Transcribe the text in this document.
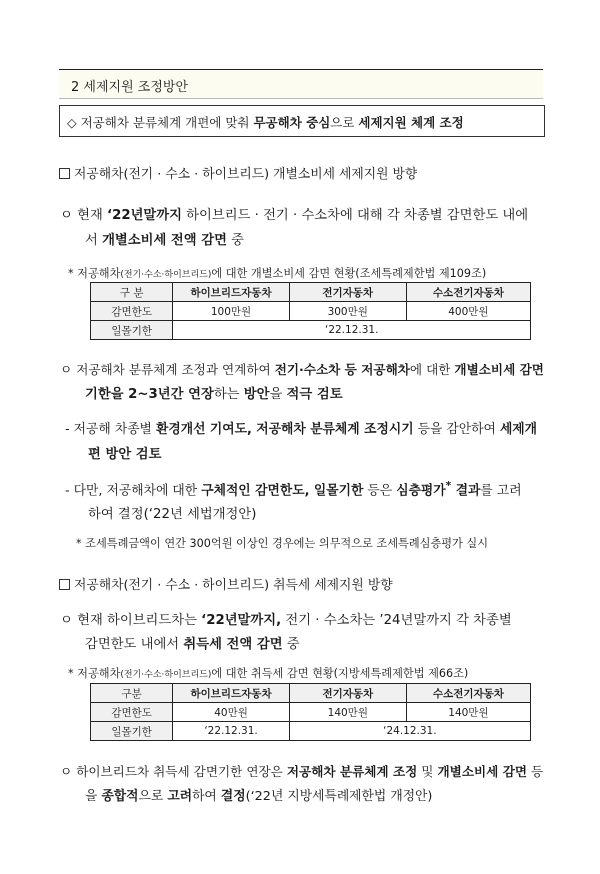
2 세제지원 조정방안
◇ 저공해차 분류체계 개편에 맞춰 무공해차 중심으로 세제지원 체계 조정
저공해차(전기 · 수소 · 하이브리드) 개별소비세 세제지원 방향
ㅇ 현재 ‘22년말까지 하이브리드 · 전기 · 수소차에 대해 각 차종별 감면한도 내에
서 개별소비세 전액 감면 중
* 저공해차(전기·수소·하이브리드)에 대한 개별소비세 감면 현황(조세특례제한법 제109조)
구 분	하이브리드자동차	전기자동차	수소전기자동차
감면한도	100만원	300만원	400만원
일몰기한	‘22.12.31.		
ㅇ 저공해차 분류체계 조정과 연계하여 전기·수소차 등 저공해차에 대한 개별소비세 감면
기한을 2~3년간 연장하는 방안을 적극 검토
- 저공해 차종별 환경개선 기여도, 저공해차 분류체계 조정시기 등을 감안하여 세제개
편 방안 검토
- 다만, 저공해차에 대한 구체적인 감면한도, 일몰기한 등은 심층평가* 결과를 고려
하여 결정(‘22년 세법개정안)
* 조세특례금액이 연간 300억원 이상인 경우에는 의무적으로 조세특례심층평가 실시
저공해차(전기 · 수소 · 하이브리드) 취득세 세제지원 방향
ㅇ 현재 하이브리드차는 ‘22년말까지, 전기 · 수소차는 ’24년말까지 각 차종별
감면한도 내에서 취득세 전액 감면 중
* 저공해차(전기·수소·하이브리드)에 대한 취득세 감면 현황(지방세특례제한법 제66조)
구분	하이브리드자동차	전기자동차	수소전기자동차
감면한도	40만원	140만원	140만원
일몰기한	‘22.12.31.	‘24.12.31.	
ㅇ 하이브리드차 취득세 감면기한 연장은 저공해차 분류체계 조정 및 개별소비세 감면 등
을 종합적으로 고려하여 결정(‘22년 지방세특례제한법 개정안)
